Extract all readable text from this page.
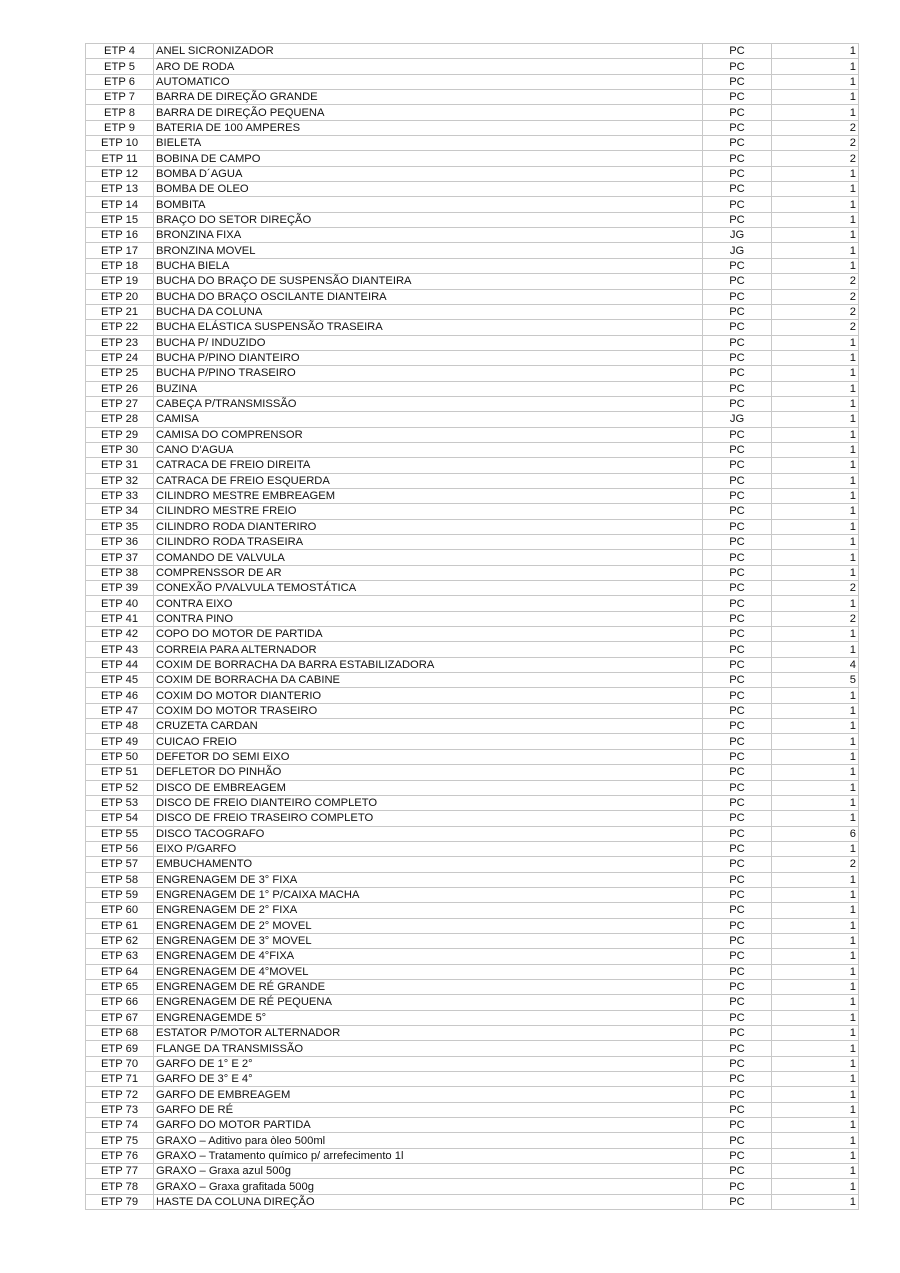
ETP 4	ANEL SICRONIZADOR	PC	1
ETP 5	ARO DE RODA	PC	1
ETP 6	AUTOMATICO	PC	1
ETP 7	BARRA DE DIREÇÃO GRANDE	PC	1
ETP 8	BARRA DE DIREÇÃO PEQUENA	PC	1
ETP 9	BATERIA DE 100 AMPERES	PC	2
ETP 10	BIELETA	PC	2
ETP 11	BOBINA DE CAMPO	PC	2
ETP 12	BOMBA D´AGUA	PC	1
ETP 13	BOMBA DE OLEO	PC	1
ETP 14	BOMBITA	PC	1
ETP 15	BRAÇO DO SETOR DIREÇÃO	PC	1
ETP 16	BRONZINA FIXA	JG	1
ETP 17	BRONZINA MOVEL	JG	1
ETP 18	BUCHA BIELA	PC	1
ETP 19	BUCHA DO BRAÇO DE SUSPENSÃO DIANTEIRA	PC	2
ETP 20	BUCHA DO BRAÇO OSCILANTE DIANTEIRA	PC	2
ETP 21	BUCHA DA COLUNA	PC	2
ETP 22	BUCHA ELÁSTICA SUSPENSÃO TRASEIRA	PC	2
ETP 23	BUCHA P/ INDUZIDO	PC	1
ETP 24	BUCHA P/PINO DIANTEIRO	PC	1
ETP 25	BUCHA P/PINO TRASEIRO	PC	1
ETP 26	BUZINA	PC	1
ETP 27	CABEÇA P/TRANSMISSÃO	PC	1
ETP 28	CAMISA	JG	1
ETP 29	CAMISA DO COMPRENSOR	PC	1
ETP 30	CANO D'AGUA	PC	1
ETP 31	CATRACA DE FREIO DIREITA	PC	1
ETP 32	CATRACA DE FREIO ESQUERDA	PC	1
ETP 33	CILINDRO MESTRE EMBREAGEM	PC	1
ETP 34	CILINDRO MESTRE FREIO	PC	1
ETP 35	CILINDRO RODA DIANTERIRO	PC	1
ETP 36	CILINDRO RODA TRASEIRA	PC	1
ETP 37	COMANDO DE VALVULA	PC	1
ETP 38	COMPRENSSOR DE AR	PC	1
ETP 39	CONEXÃO P/VALVULA TEMOSTÁTICA	PC	2
ETP 40	CONTRA EIXO	PC	1
ETP 41	CONTRA PINO	PC	2
ETP 42	COPO DO MOTOR DE PARTIDA	PC	1
ETP 43	CORREIA PARA ALTERNADOR	PC	1
ETP 44	COXIM DE BORRACHA DA BARRA ESTABILIZADORA	PC	4
ETP 45	COXIM DE BORRACHA DA CABINE	PC	5
ETP 46	COXIM DO MOTOR DIANTERIO	PC	1
ETP 47	COXIM DO MOTOR TRASEIRO	PC	1
ETP 48	CRUZETA CARDAN	PC	1
ETP 49	CUICAO FREIO	PC	1
ETP 50	DEFETOR DO SEMI EIXO	PC	1
ETP 51	DEFLETOR DO PINHÃO	PC	1
ETP 52	DISCO DE EMBREAGEM	PC	1
ETP 53	DISCO DE FREIO DIANTEIRO COMPLETO	PC	1
ETP 54	DISCO DE FREIO TRASEIRO COMPLETO	PC	1
ETP 55	DISCO TACOGRAFO	PC	6
ETP 56	EIXO P/GARFO	PC	1
ETP 57	EMBUCHAMENTO	PC	2
ETP 58	ENGRENAGEM DE 3° FIXA	PC	1
ETP 59	ENGRENAGEM DE 1° P/CAIXA MACHA	PC	1
ETP 60	ENGRENAGEM DE 2° FIXA	PC	1
ETP 61	ENGRENAGEM DE 2° MOVEL	PC	1
ETP 62	ENGRENAGEM DE 3° MOVEL	PC	1
ETP 63	ENGRENAGEM DE 4°FIXA	PC	1
ETP 64	ENGRENAGEM DE 4°MOVEL	PC	1
ETP 65	ENGRENAGEM DE RÉ GRANDE	PC	1
ETP 66	ENGRENAGEM DE RÉ PEQUENA	PC	1
ETP 67	ENGRENAGEMDE 5°	PC	1
ETP 68	ESTATOR P/MOTOR ALTERNADOR	PC	1
ETP 69	FLANGE DA TRANSMISSÃO	PC	1
ETP 70	GARFO DE 1° E 2°	PC	1
ETP 71	GARFO DE 3° E 4°	PC	1
ETP 72	GARFO DE EMBREAGEM	PC	1
ETP 73	GARFO DE RÉ	PC	1
ETP 74	GARFO DO MOTOR PARTIDA	PC	1
ETP 75	GRAXO – Aditivo para òleo 500ml	PC	1
ETP 76	GRAXO – Tratamento químico p/ arrefecimento 1l	PC	1
ETP 77	GRAXO – Graxa azul 500g	PC	1
ETP 78	GRAXO – Graxa grafitada 500g	PC	1
ETP 79	HASTE DA COLUNA DIREÇÃO	PC	1
